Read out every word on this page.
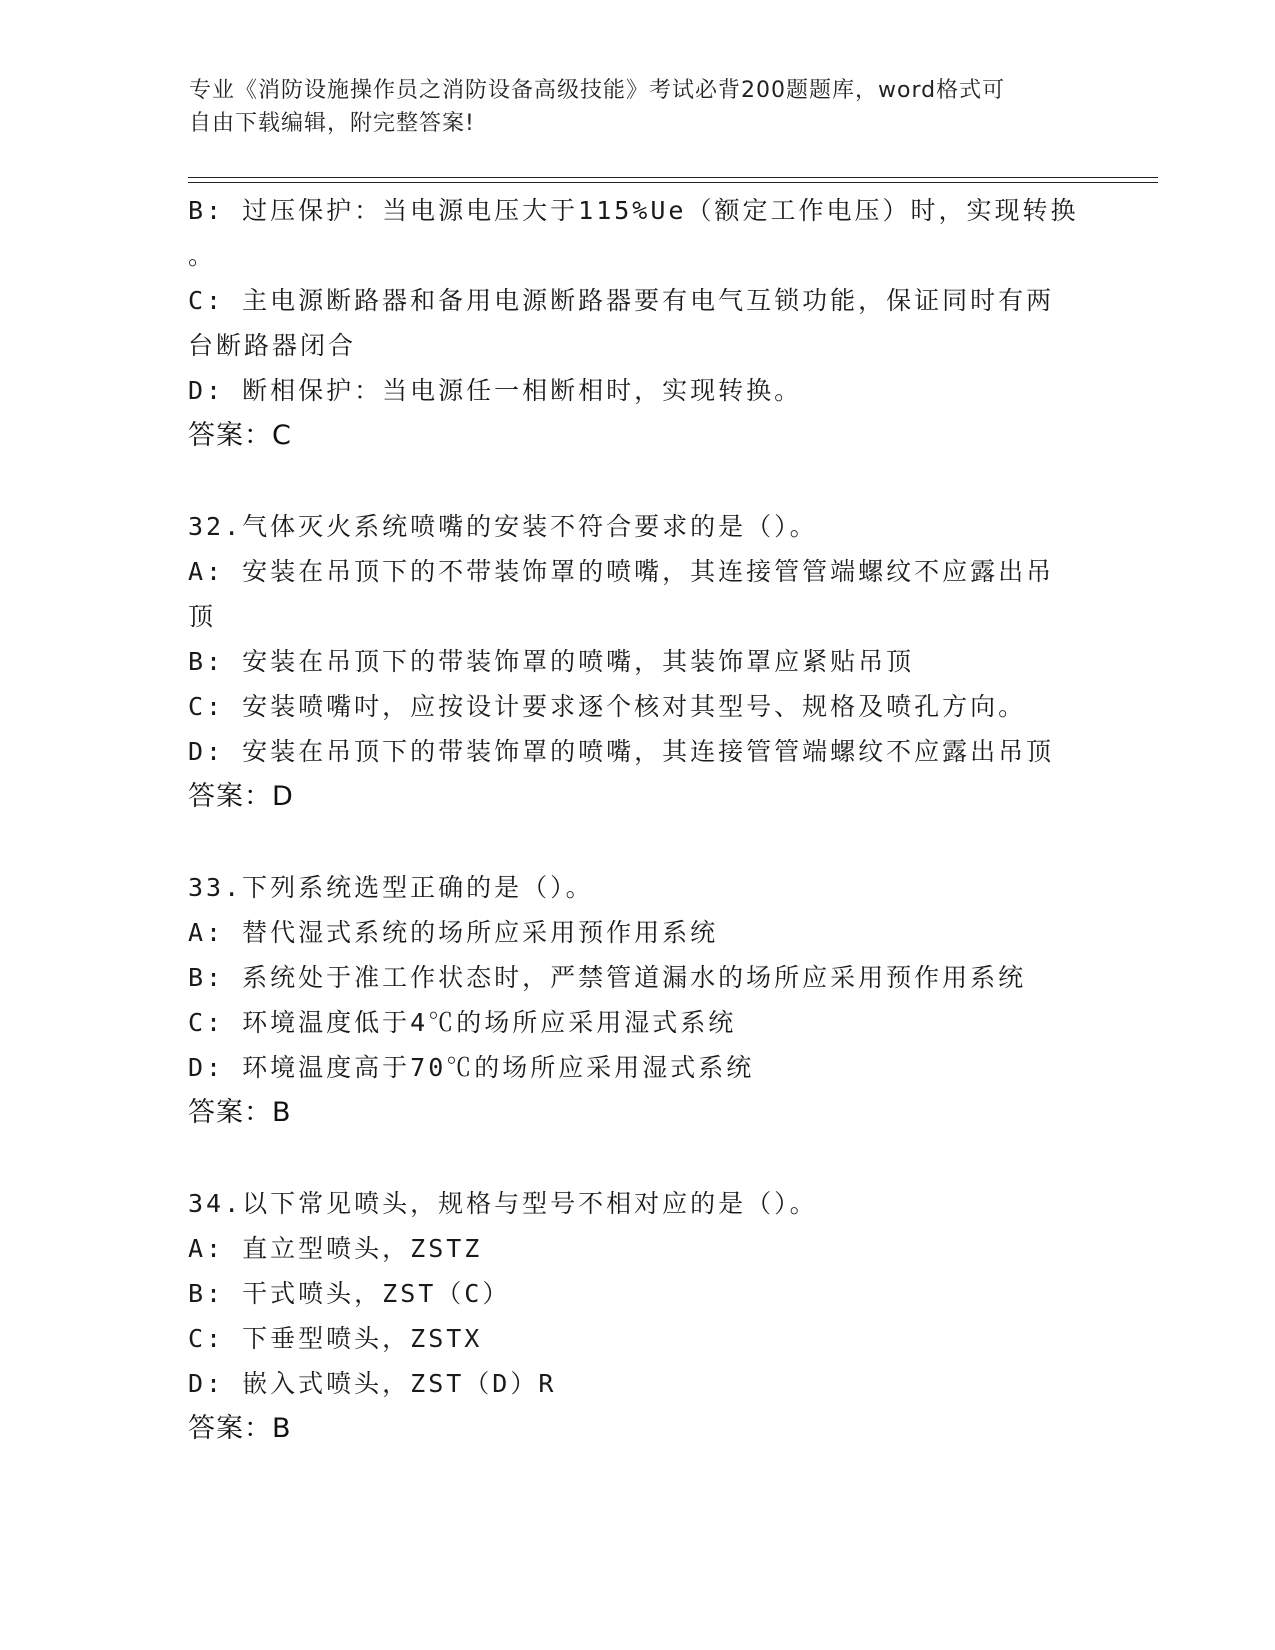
专业《消防设施操作员之消防设备高级技能》考试必背200题题库，word格式可
自由下载编辑，附完整答案!
B: 过压保护：当电源电压大于115%Ue（额定工作电压）时，实现转换
。
C: 主电源断路器和备用电源断路器要有电气互锁功能，保证同时有两
台断路器闭合
D: 断相保护：当电源任一相断相时，实现转换。
答案：C
32.气体灭火系统喷嘴的安装不符合要求的是（）。
A: 安装在吊顶下的不带装饰罩的喷嘴，其连接管管端螺纹不应露出吊
顶
B: 安装在吊顶下的带装饰罩的喷嘴，其装饰罩应紧贴吊顶
C: 安装喷嘴吋，应按设计要求逐个核对其型号、规格及喷孔方向。
D: 安装在吊顶下的带装饰罩的喷嘴，其连接管管端螺纹不应露出吊顶
答案：D
33.下列系统选型正确的是（）。
A: 替代湿式系统的场所应采用预作用系统
B: 系统处于准工作状态时，严禁管道漏水的场所应采用预作用系统
C: 环境温度低于4℃的场所应采用湿式系统
D: 环境温度高于70℃的场所应采用湿式系统
答案：B
34.以下常见喷头，规格与型号不相对应的是（）。
A: 直立型喷头，ZSTZ
B: 干式喷头，ZST（C）
C: 下垂型喷头，ZSTX
D: 嵌入式喷头，ZST（D）R
答案：B
